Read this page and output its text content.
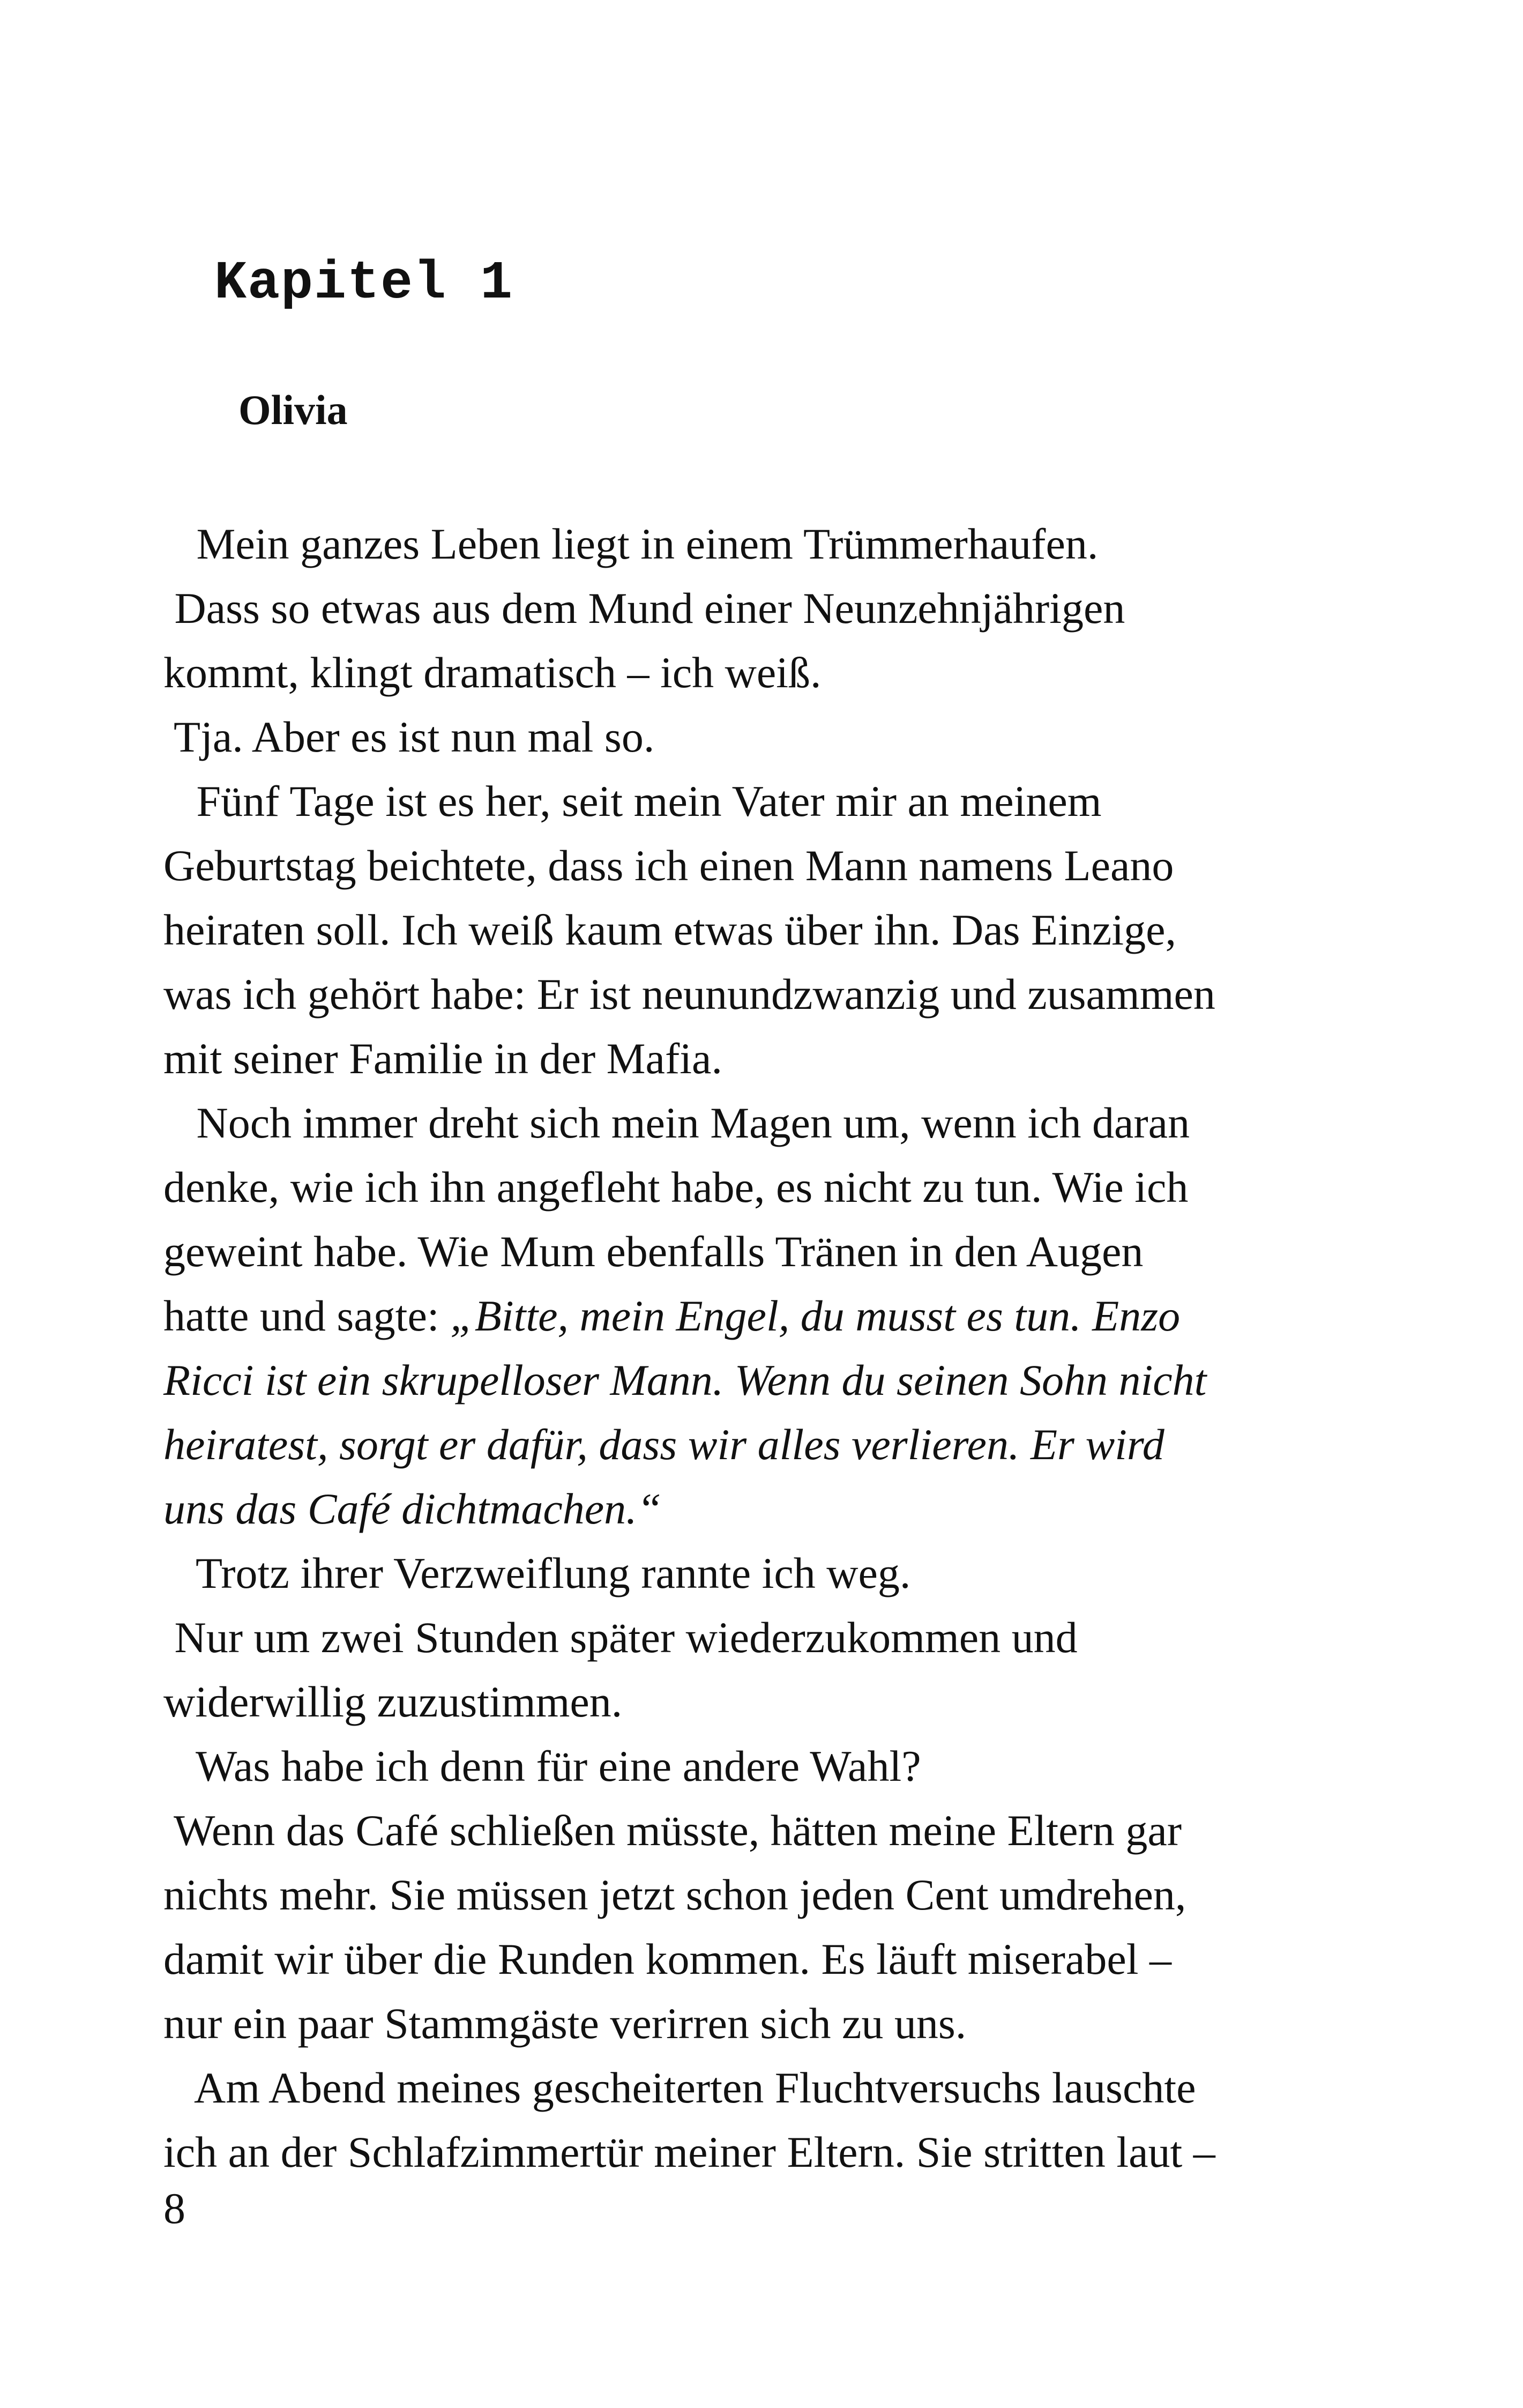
Kapitel 1
Olivia
Mein ganzes Leben liegt in einem Trümmerhaufen.
Dass so etwas aus dem Mund einer Neunzehnjährigen
kommt, klingt dramatisch – ich weiß.
Tja. Aber es ist nun mal so.
Fünf Tage ist es her, seit mein Vater mir an meinem
Geburtstag beichtete, dass ich einen Mann namens Leano
heiraten soll. Ich weiß kaum etwas über ihn. Das Einzige,
was ich gehört habe: Er ist neunundzwanzig und zusammen
mit seiner Familie in der Mafia.
Noch immer dreht sich mein Magen um, wenn ich daran
denke, wie ich ihn angefleht habe, es nicht zu tun. Wie ich
geweint habe. Wie Mum ebenfalls Tränen in den Augen
hatte und sagte: „Bitte, mein Engel, du musst es tun. Enzo
Ricci ist ein skrupelloser Mann. Wenn du seinen Sohn nicht
heiratest, sorgt er dafür, dass wir alles verlieren. Er wird
uns das Café dichtmachen.“
Trotz ihrer Verzweiflung rannte ich weg.
Nur um zwei Stunden später wiederzukommen und
widerwillig zuzustimmen.
Was habe ich denn für eine andere Wahl?
Wenn das Café schließen müsste, hätten meine Eltern gar
nichts mehr. Sie müssen jetzt schon jeden Cent umdrehen,
damit wir über die Runden kommen. Es läuft miserabel –
nur ein paar Stammgäste verirren sich zu uns.
Am Abend meines gescheiterten Fluchtversuchs lauschte
ich an der Schlafzimmertür meiner Eltern. Sie stritten laut –
8
